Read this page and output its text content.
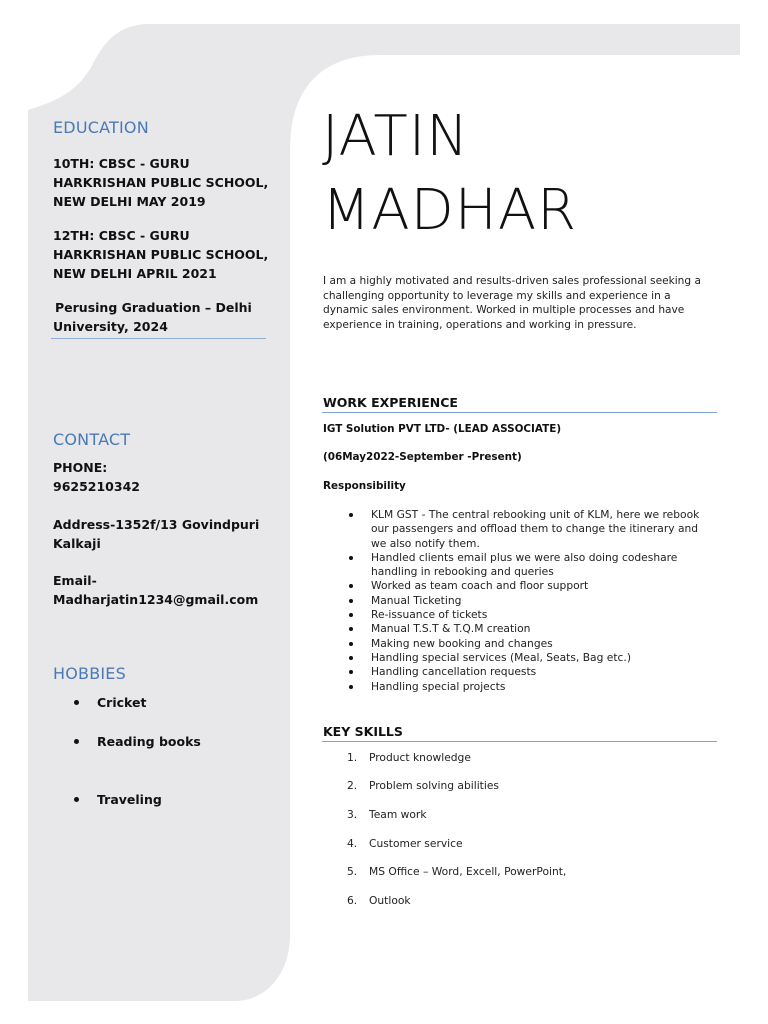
EDUCATION
10TH: CBSC - GURU HARKRISHAN PUBLIC SCHOOL, NEW DELHI MAY 2019
12TH: CBSC - GURU HARKRISHAN PUBLIC SCHOOL, NEW DELHI APRIL 2021
Perusing Graduation – Delhi University, 2024
CONTACT
PHONE:
9625210342
Address-1352f/13 Govindpuri
Kalkaji
Email-
Madharjatin1234@gmail.com
HOBBIES
Cricket
Reading books
Traveling
JATIN
MADHAR
I am a highly motivated and results-driven sales professional seeking a challenging opportunity to leverage my skills and experience in a dynamic sales environment. Worked in multiple processes and have experience in training, operations and working in pressure.
WORK EXPERIENCE
IGT Solution PVT LTD- (LEAD ASSOCIATE)
(06May2022-September -Present)
Responsibility
KLM GST - The central rebooking unit of KLM, here we rebook our passengers and offload them to change the itinerary and we also notify them.
Handled clients email plus we were also doing codeshare handling in rebooking and queries
Worked as team coach and floor support
Manual Ticketing
Re-issuance of tickets
Manual T.S.T & T.Q.M creation
Making new booking and changes
Handling special services (Meal, Seats, Bag etc.)
Handling cancellation requests
Handling special projects
KEY SKILLS
1. Product knowledge
2. Problem solving abilities
3. Team work
4. Customer service
5. MS Office – Word, Excell, PowerPoint,
6. Outlook
